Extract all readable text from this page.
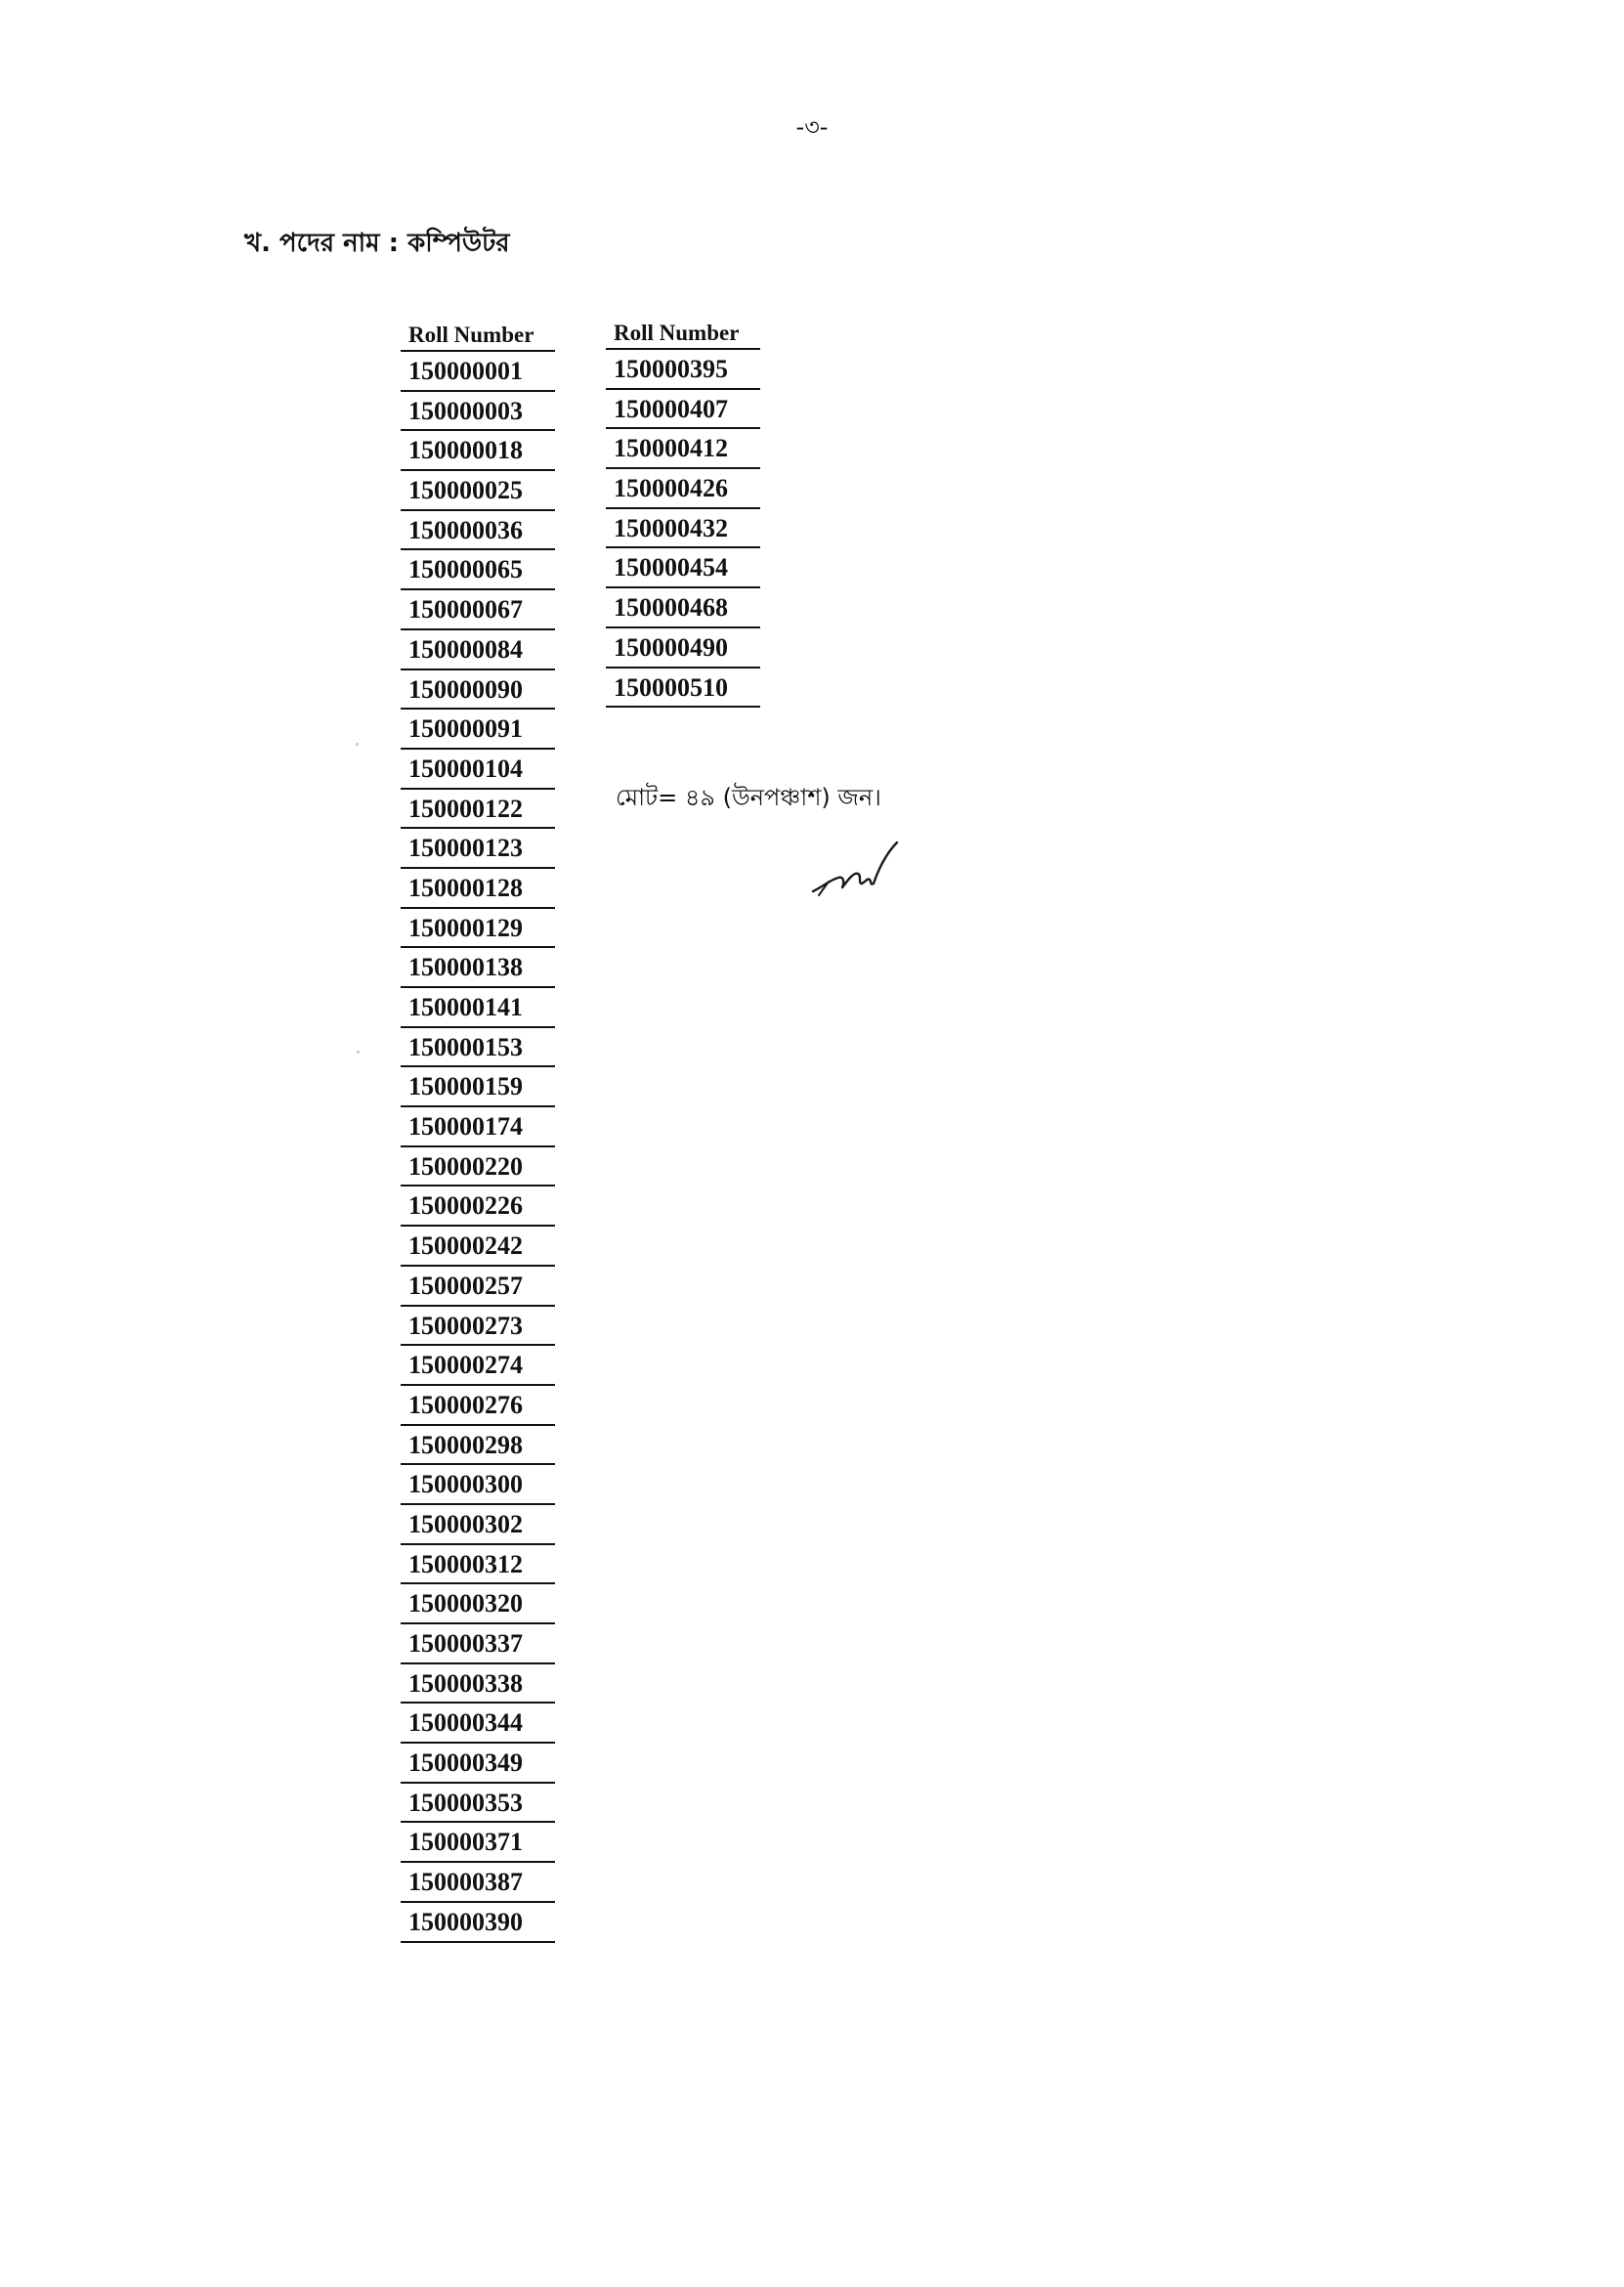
-৩-
খ. পদের নাম : কম্পিউটর
Roll Number
150000001
150000003
150000018
150000025
150000036
150000065
150000067
150000084
150000090
150000091
150000104
150000122
150000123
150000128
150000129
150000138
150000141
150000153
150000159
150000174
150000220
150000226
150000242
150000257
150000273
150000274
150000276
150000298
150000300
150000302
150000312
150000320
150000337
150000338
150000344
150000349
150000353
150000371
150000387
150000390
Roll Number
150000395
150000407
150000412
150000426
150000432
150000454
150000468
150000490
150000510
মোট= ৪৯ (উনপঞ্চাশ) জন।
